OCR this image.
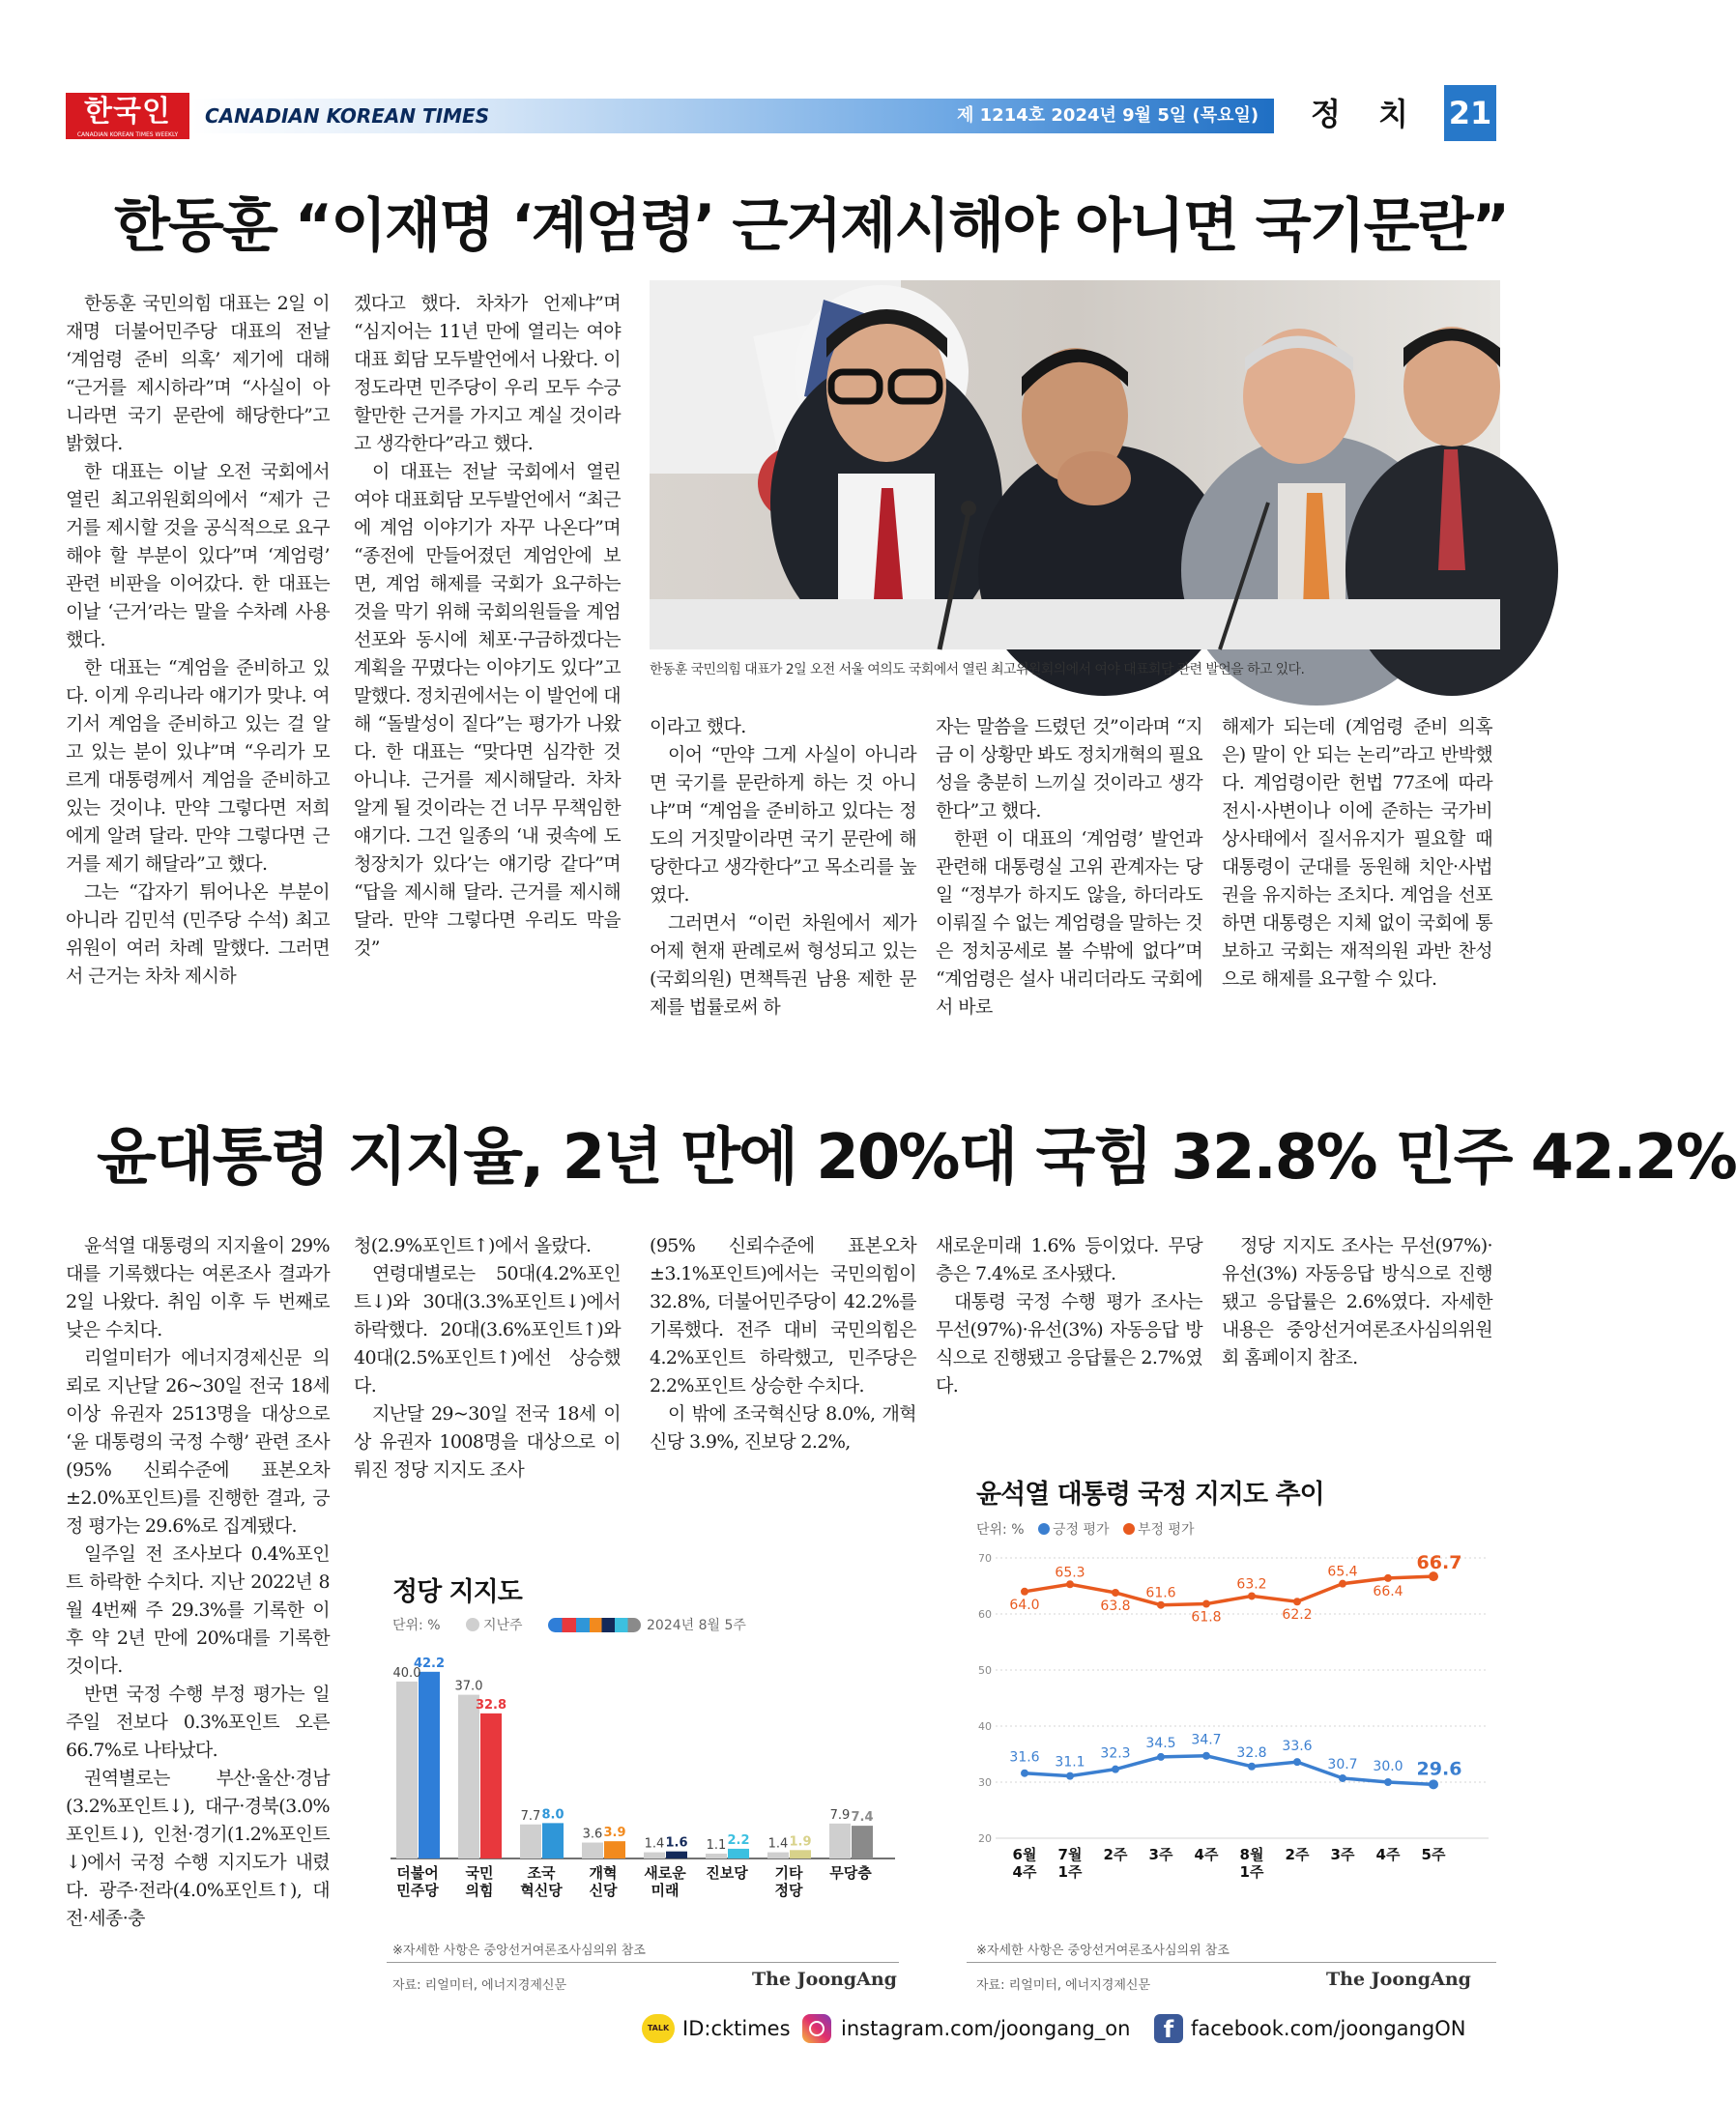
한국인
CANADIAN KOREAN TIMES WEEKLY
CANADIAN KOREAN TIMES	제 1214호 2024년 9월 5일 (목요일) 정 치 21
한동훈 “이재명 ‘계엄령’ 근거제시해야 아니면 국기문란”

한동훈 국민의힘 대표는 2일 이재명 더불어민주당 대표의 전날 ‘계엄령 준비 의혹’ 제기에 대해 “근거를 제시하라”며 “사실이 아니라면 국기 문란에 해당한다”고 밝혔다.

한 대표는 이날 오전 국회에서 열린 최고위원회의에서 “제가 근거를 제시할 것을 공식적으로 요구해야 할 부분이 있다”며 ‘계엄령’ 관련 비판을 이어갔다. 한 대표는 이날 ‘근거’라는 말을 수차례 사용했다.

한 대표는 “계엄을 준비하고 있다. 이게 우리나라 얘기가 맞냐. 여기서 계엄을 준비하고 있는 걸 알고 있는 분이 있냐”며 “우리가 모르게 대통령께서 계엄을 준비하고 있는 것이냐. 만약 그렇다면 저희에게 알려 달라. 만약 그렇다면 근거를 제기 해달라”고 했다.

그는 “갑자기 튀어나온 부분이 아니라 김민석 (민주당 수석) 최고위원이 여러 차례 말했다. 그러면서 근거는 차차 제시하

겠다고 했다. 차차가 언제냐”며 “심지어는 11년 만에 열리는 여야 대표 회담 모두발언에서 나왔다. 이 정도라면 민주당이 우리 모두 수긍할만한 근거를 가지고 계실 것이라고 생각한다”라고 했다.

이 대표는 전날 국회에서 열린 여야 대표회담 모두발언에서 “최근에 계엄 이야기가 자꾸 나온다”며 “종전에 만들어졌던 계엄안에 보면, 계엄 해제를 국회가 요구하는 것을 막기 위해 국회의원들을 계엄 선포와 동시에 체포·구금하겠다는 계획을 꾸몄다는 이야기도 있다”고 말했다. 정치권에서는 이 발언에 대해 “돌발성이 짙다”는 평가가 나왔다. 한 대표는 “맞다면 심각한 것 아니냐. 근거를 제시해달라. 차차 알게 될 것이라는 건 너무 무책임한 얘기다. 그건 일종의 ‘내 귓속에 도청장치가 있다’는 얘기랑 같다”며 “답을 제시해 달라. 근거를 제시해 달라. 만약 그렇다면 우리도 막을 것”

한동훈 국민의힘 대표가 2일 오전 서울 여의도 국회에서 열린 최고위원회의에서 여야 대표회담 관련 발언을 하고 있다.

이라고 했다.

이어 “만약 그게 사실이 아니라면 국기를 문란하게 하는 것 아니냐”며 “계엄을 준비하고 있다는 정도의 거짓말이라면 국기 문란에 해당한다고 생각한다”고 목소리를 높였다.

그러면서 “이런 차원에서 제가 어제 현재 판례로써 형성되고 있는 (국회의원) 면책특권 남용 제한 문제를 법률로써 하

자는 말씀을 드렸던 것”이라며 “지금 이 상황만 봐도 정치개혁의 필요성을 충분히 느끼실 것이라고 생각한다”고 했다.

한편 이 대표의 ‘계엄령’ 발언과 관련해 대통령실 고위 관계자는 당일 “정부가 하지도 않을, 하더라도 이뤄질 수 없는 계엄령을 말하는 것은 정치공세로 볼 수밖에 없다”며 “계엄령은 설사 내리더라도 국회에서 바로

해제가 되는데 (계엄령 준비 의혹은) 말이 안 되는 논리”라고 반박했다. 계엄령이란 헌법 77조에 따라 전시·사변이나 이에 준하는 국가비상사태에서 질서유지가 필요할 때 대통령이 군대를 동원해 치안·사법권을 유지하는 조치다. 계엄을 선포하면 대통령은 지체 없이 국회에 통보하고 국회는 재적의원 과반 찬성으로 해제를 요구할 수 있다.

윤대통령 지지율, 2년 만에 20%대 국힘 32.8% 민주 42.2%

윤석열 대통령의 지지율이 29%대를 기록했다는 여론조사 결과가 2일 나왔다. 취임 이후 두 번째로 낮은 수치다.

리얼미터가 에너지경제신문 의뢰로 지난달 26~30일 전국 18세 이상 유권자 2513명을 대상으로 ‘윤 대통령의 국정 수행’ 관련 조사(95% 신뢰수준에 표본오차 ±2.0%포인트)를 진행한 결과, 긍정 평가는 29.6%로 집계됐다.

일주일 전 조사보다 0.4%포인트 하락한 수치다. 지난 2022년 8월 4번째 주 29.3%를 기록한 이후 약 2년 만에 20%대를 기록한 것이다.

반면 국정 수행 부정 평가는 일주일 전보다 0.3%포인트 오른 66.7%로 나타났다.

권역별로는 부산·울산·경남(3.2%포인트↓), 대구·경북(3.0%포인트↓), 인천·경기(1.2%포인트↓)에서 국정 수행 지지도가 내렸다. 광주·전라(4.0%포인트↑), 대전·세종·충

청(2.9%포인트↑)에서 올랐다.

연령대별로는 50대(4.2%포인트↓)와 30대(3.3%포인트↓)에서 하락했다. 20대(3.6%포인트↑)와 40대(2.5%포인트↑)에선 상승했다.

지난달 29~30일 전국 18세 이상 유권자 1008명을 대상으로 이뤄진 정당 지지도 조사

(95% 신뢰수준에 표본오차 ±3.1%포인트)에서는 국민의힘이 32.8%, 더불어민주당이 42.2%를 기록했다. 전주 대비 국민의힘은 4.2%포인트 하락했고, 민주당은 2.2%포인트 상승한 수치다.

이 밖에 조국혁신당 8.0%, 개혁신당 3.9%, 진보당 2.2%,

새로운미래 1.6% 등이었다. 무당층은 7.4%로 조사됐다.

대통령 국정 수행 평가 조사는 무선(97%)·유선(3%) 자동응답 방식으로 진행됐고 응답률은 2.7%였다.

정당 지지도 조사는 무선(97%)·유선(3%) 자동응답 방식으로 진행됐고 응답률은 2.6%였다. 자세한 내용은 중앙선거여론조사심의위원회 홈페이지 참조.

정당 지지도
단위: %	지난주	2024년 8월 5주
40.0
42.2
더불어
민주당
37.0
32.8
국민
의힘
7.7 8.0
조국
혁신당
3.6 3.9
개혁
신당
1.4 1.6
새로운
미래
1.1 2.2
진보당
1.4 1.9
기타
정당
7.9 7.4
무당층
※자세한 사항은 중앙선거여론조사심의위 참조
자료: 리얼미터, 에너지경제신문	The JoongAng
윤석열 대통령 국정 지지도 추이
단위: % 긍정 평가 부정 평가
20
30
40
50
60
70
31.6 31.1
32.3
34.5 34.7
32.8 33.6
30.7 30.0 29.6
64.0
65.3
63.8
61.6
61.8
63.2
62.2
65.4
66.4
66.7
6월
4주
7월
1주
2주 3주 4주 8월
1주
2주 3주 4주 5주
※자세한 사항은 중앙선거여론조사심의위 참조
자료: 리얼미터, 에너지경제신문	The JoongAng
TALK ID:cktimes instagram.com/joongang_on	f facebook.com/joongangON
